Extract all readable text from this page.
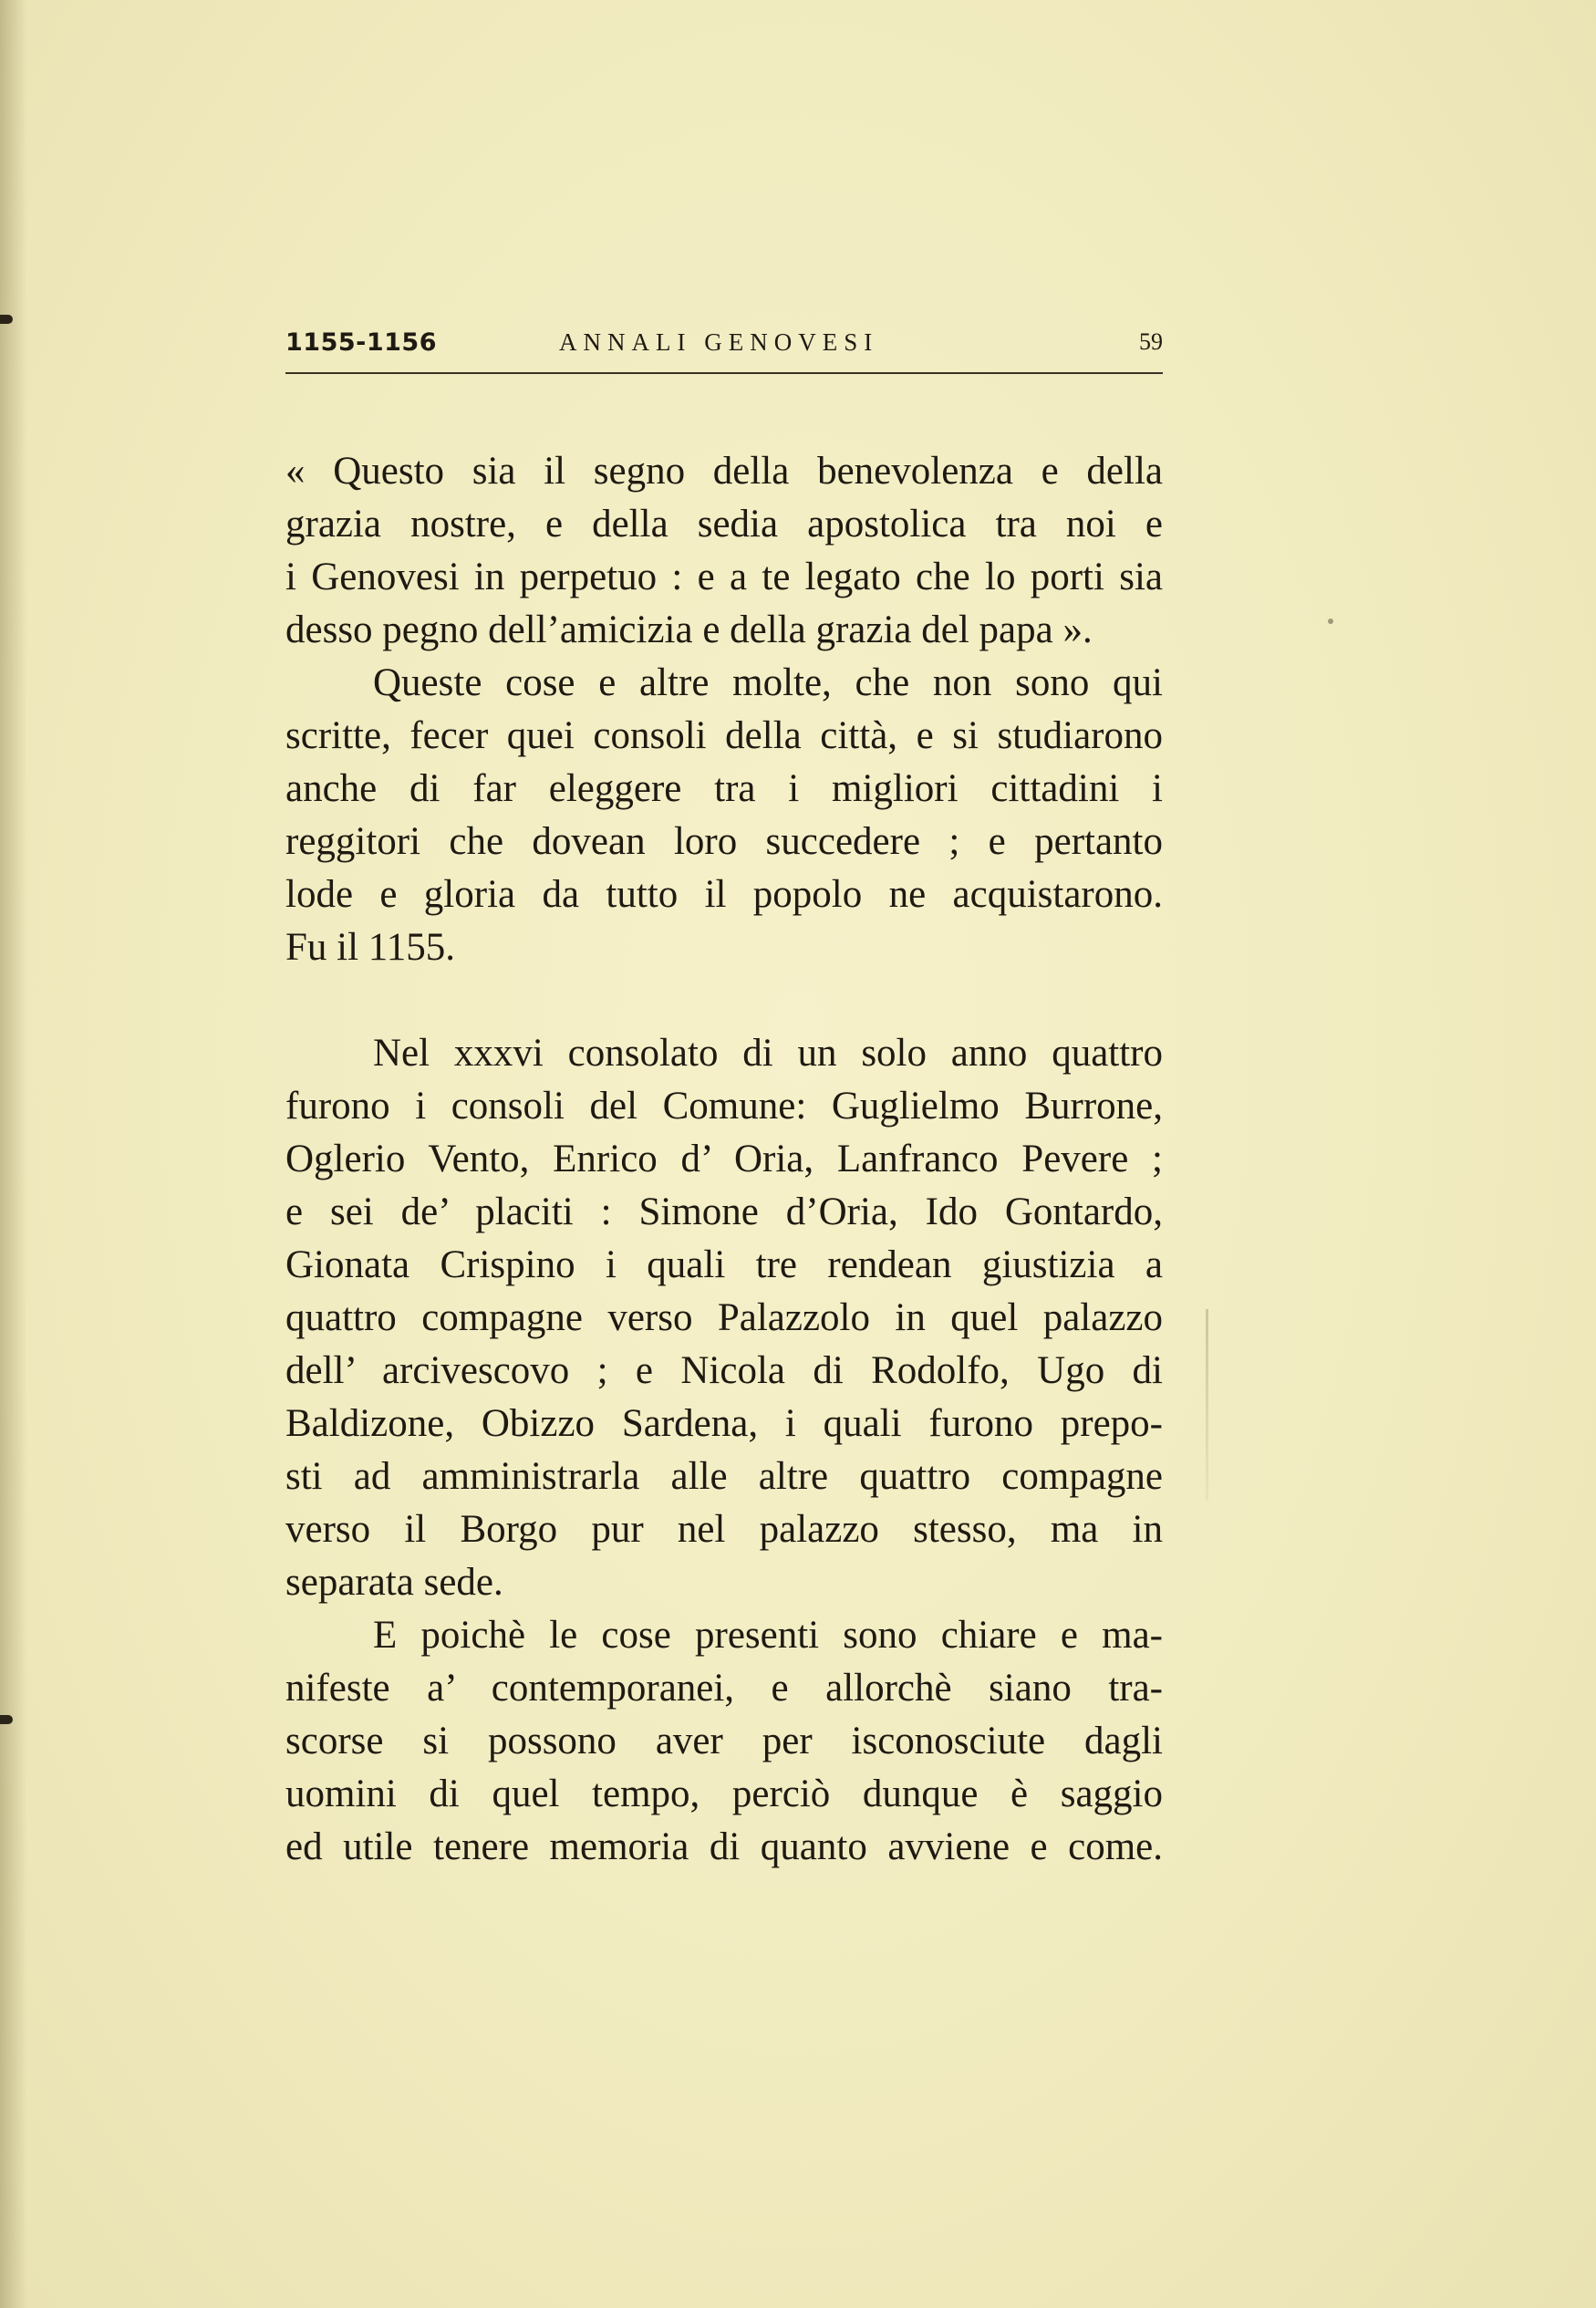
1155-1156	ANNALI GENOVESI	59
« Questo sia il segno della benevolenza e della
grazia nostre, e della sedia apostolica tra noi e
i Genovesi in perpetuo : e a te legato che lo porti sia
desso pegno dell’amicizia e della grazia del papa ».
Queste cose e altre molte, che non sono qui
scritte, fecer quei consoli della città, e si studiarono
anche di far eleggere tra i migliori cittadini i
reggitori che dovean loro succedere ; e pertanto
lode e gloria da tutto il popolo ne acquistarono.
Fu il 1155.
Nel xxxvi consolato di un solo anno quattro
furono i consoli del Comune: Guglielmo Burrone,
Oglerio Vento, Enrico d’ Oria, Lanfranco Pevere ;
e sei de’ placiti : Simone d’Oria, Ido Gontardo,
Gionata Crispino i quali tre rendean giustizia a
quattro compagne verso Palazzolo in quel palazzo
dell’ arcivescovo ; e Nicola di Rodolfo, Ugo di
Baldizone, Obizzo Sardena, i quali furono prepo-
sti ad amministrarla alle altre quattro compagne
verso il Borgo pur nel palazzo stesso, ma in
separata sede.
E poichè le cose presenti sono chiare e ma-
nifeste a’ contemporanei, e allorchè siano tra-
scorse si possono aver per isconosciute dagli
uomini di quel tempo, perciò dunque è saggio
ed utile tenere memoria di quanto avviene e come.
